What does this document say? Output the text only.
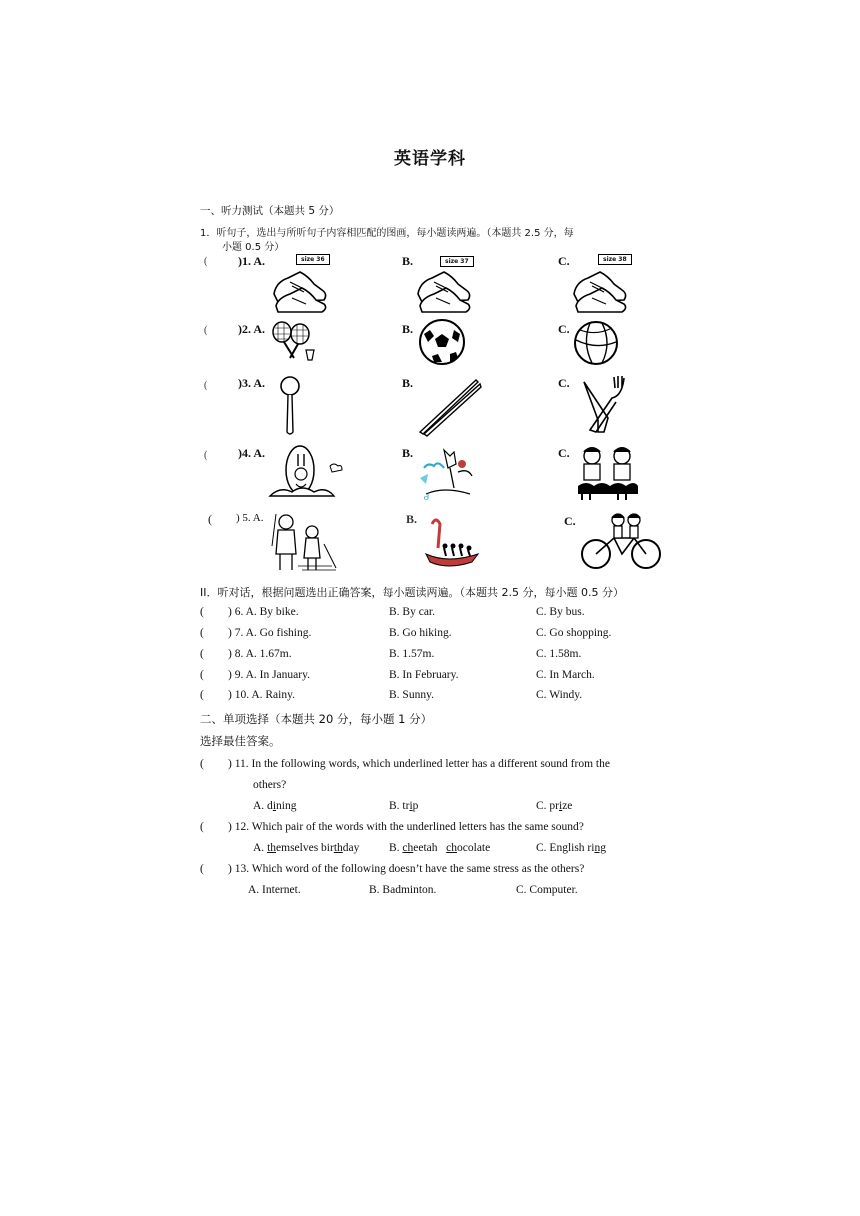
英语学科
一、听力测试（本题共 5 分）
1．听句子，选出与所听句子内容相匹配的图画，每小题读两遍。（本题共 2.5 分，每
小题 0.5 分）
(	)1. A.	B.	C.
size 36	size 37	size 38
(	)2. A.	B.	C.
(	)3. A.	B.	C.
(	)4. A.	B.	C.
Ꮷ
( ) 5. A.	B.	C.
II．听对话，根据问题选出正确答案，每小题读两遍。（本题共 2.5 分，每小题 0.5 分）
( ) 6. A. By bike.	B. By car.	C. By bus.
( ) 7. A. Go fishing.	B. Go hiking.	C. Go shopping.
( ) 8. A. 1.67m.	B. 1.57m.	C. 1.58m.
( ) 9. A. In January.	B. In February.	C. In March.
( ) 10. A. Rainy.	B. Sunny.	C. Windy.
二、单项选择（本题共 20 分，每小题 1 分）
选择最佳答案。
( ) 11. In the following words, which underlined letter has a different sound from the
others?
A. dining	B. trip	C. prize
( ) 12. Which pair of the words with the underlined letters has the same sound?
A. themselves birthday	B. cheetah   chocolate	C. English ring
( ) 13. Which word of the following doesn’t have the same stress as the others?
A. Internet.	B. Badminton.	C. Computer.
